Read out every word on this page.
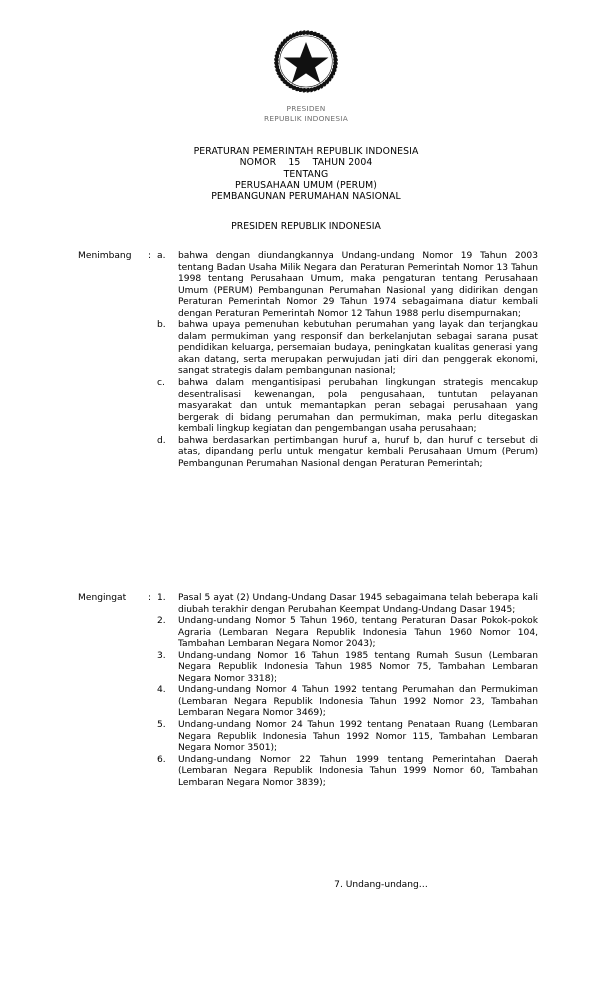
PRESIDEN
REPUBLIK INDONESIA
PERATURAN PEMERINTAH REPUBLIK INDONESIA
NOMOR    15    TAHUN 2004
TENTANG
PERUSAHAAN UMUM (PERUM)
PEMBANGUNAN PERUMAHAN NASIONAL
PRESIDEN REPUBLIK INDONESIA
Menimbang	: a.	bahwa dengan diundangkannya Undang-undang Nomor 19 Tahun 2003 tentang Badan Usaha Milik Negara dan Peraturan Pemerintah Nomor 13 Tahun 1998 tentang Perusahaan Umum, maka pengaturan tentang Perusahaan Umum (PERUM) Pembangunan Perumahan Nasional yang didirikan dengan Peraturan Pemerintah Nomor 29 Tahun 1974 sebagaimana diatur kembali dengan Peraturan Pemerintah Nomor 12 Tahun 1988 perlu disempurnakan;
b.	bahwa upaya pemenuhan kebutuhan perumahan yang layak dan terjangkau dalam permukiman yang responsif dan berkelanjutan sebagai sarana pusat pendidikan keluarga, persemaian budaya, peningkatan kualitas generasi yang akan datang, serta merupakan perwujudan jati diri dan penggerak ekonomi, sangat strategis dalam pembangunan nasional;
c.	bahwa dalam mengantisipasi perubahan lingkungan strategis mencakup desentralisasi kewenangan, pola pengusahaan, tuntutan pelayanan masyarakat dan untuk memantapkan peran sebagai perusahaan yang bergerak di bidang perumahan dan permukiman, maka perlu ditegaskan kembali lingkup kegiatan dan pengembangan usaha perusahaan;
d.	bahwa berdasarkan pertimbangan huruf a, huruf b, dan huruf c tersebut di atas, dipandang perlu untuk mengatur kembali Perusahaan Umum (Perum) Pembangunan Perumahan Nasional dengan Peraturan Pemerintah;
Mengingat	: 1.	Pasal 5 ayat (2) Undang-Undang Dasar 1945 sebagaimana telah beberapa kali diubah terakhir dengan Perubahan Keempat Undang-Undang Dasar 1945;
2.	Undang-undang Nomor 5 Tahun 1960, tentang Peraturan Dasar Pokok-pokok Agraria (Lembaran Negara Republik Indonesia Tahun 1960 Nomor 104, Tambahan Lembaran Negara Nomor 2043);
3.	Undang-undang Nomor 16 Tahun 1985 tentang Rumah Susun (Lembaran Negara Republik Indonesia Tahun 1985 Nomor 75, Tambahan Lembaran Negara Nomor 3318);
4.	Undang-undang Nomor 4 Tahun 1992 tentang Perumahan dan Permukiman (Lembaran Negara Republik Indonesia Tahun 1992 Nomor 23, Tambahan Lembaran Negara Nomor 3469);
5.	Undang-undang Nomor 24 Tahun 1992 tentang Penataan Ruang (Lembaran Negara Republik Indonesia Tahun 1992 Nomor 115, Tambahan Lembaran Negara Nomor 3501);
6.	Undang-undang Nomor 22 Tahun 1999 tentang Pemerintahan Daerah (Lembaran Negara Republik Indonesia Tahun 1999 Nomor 60, Tambahan Lembaran Negara Nomor 3839);
7. Undang-undang…
